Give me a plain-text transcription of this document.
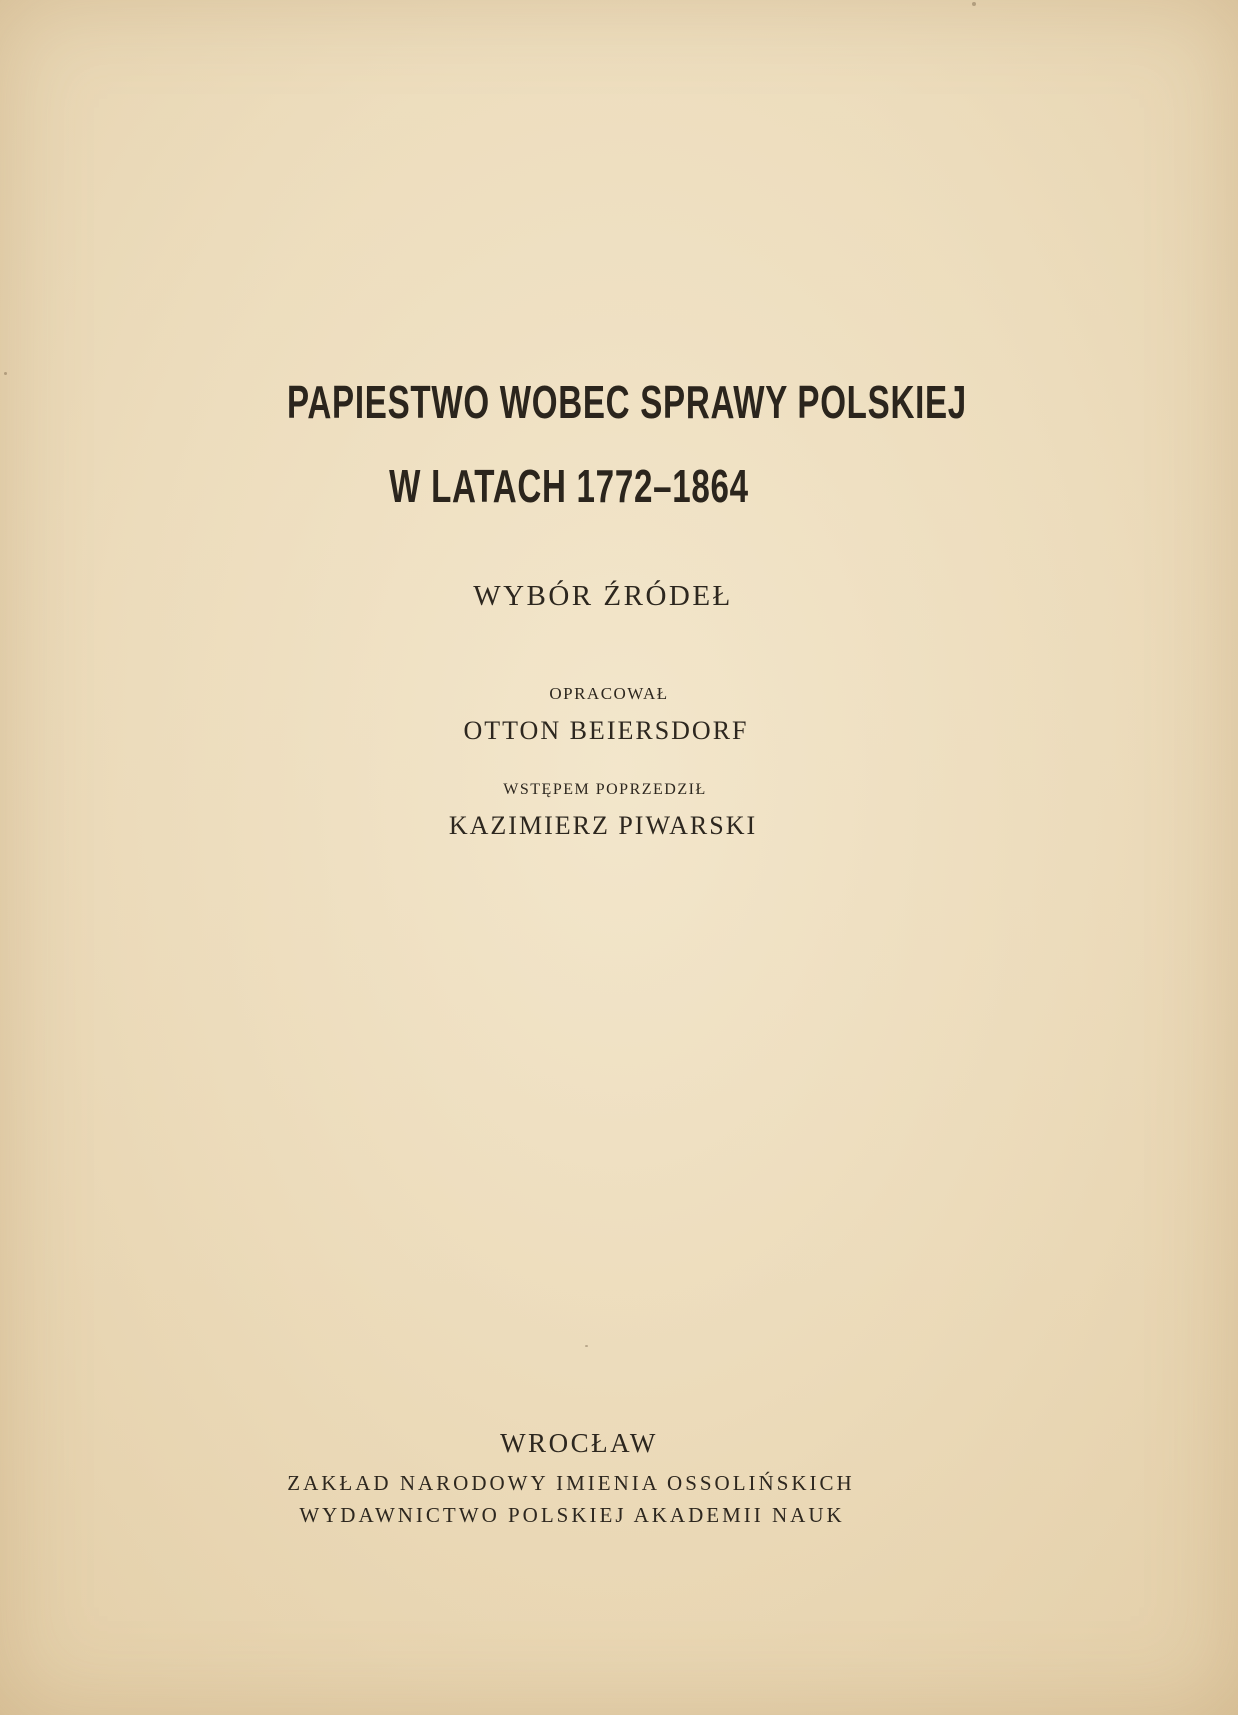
PAPIESTWO WOBEC SPRAWY POLSKIEJ
W LATACH 1772–1864

WYBÓR ŹRÓDEŁ

OPRACOWAŁ

OTTON BEIERSDORF

WSTĘPEM POPRZEDZIŁ

KAZIMIERZ PIWARSKI

WROCŁAW

ZAKŁAD NARODOWY IMIENIA OSSOLIŃSKICH

WYDAWNICTWO POLSKIEJ AKADEMII NAUK
